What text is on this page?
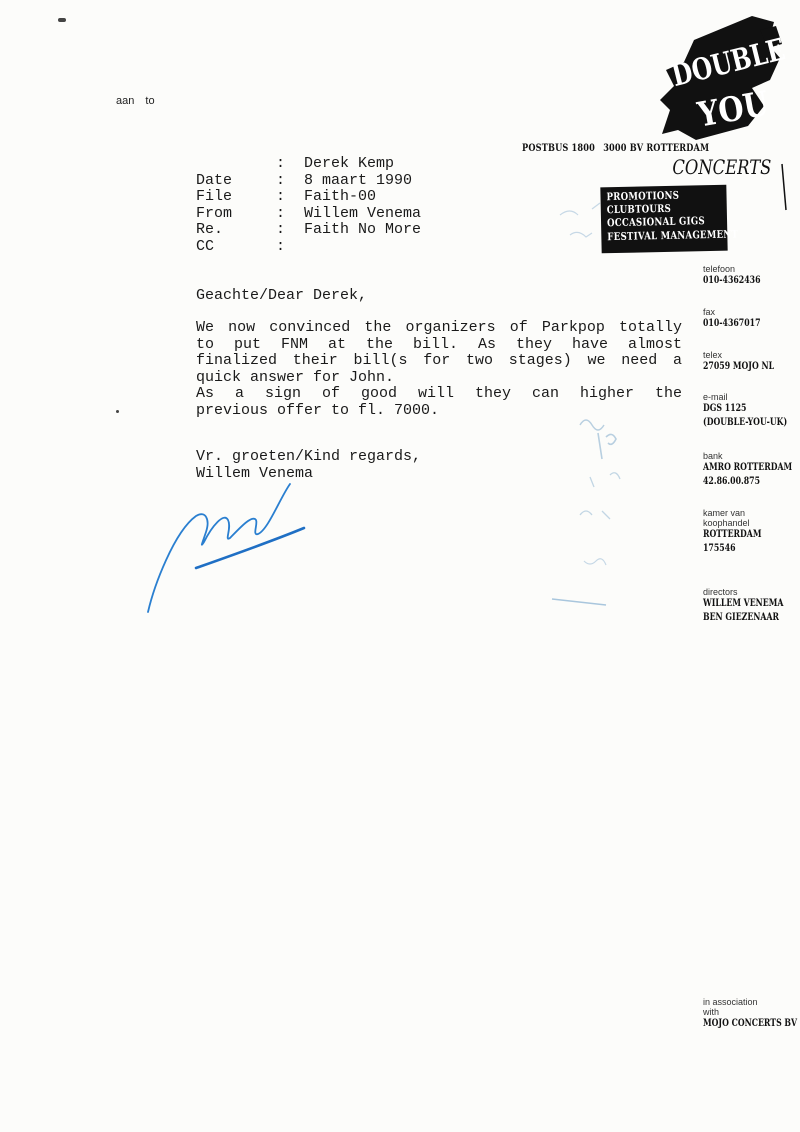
aan to
DOUBLE
YOU
CONCERTS
POSTBUS 1800 3000 BV ROTTERDAM
PROMOTIONS
CLUBTOURS
OCCASIONAL GIGS
FESTIVAL MANAGEMENT
telefoon
010-4362436
fax
010-4367017
telex
27059 MOJO NL
e-mail
DGS 1125
(DOUBLE-YOU-UK)
bank
AMRO ROTTERDAM
42.86.00.875
kamer van
koophandel
ROTTERDAM
175546
directors
WILLEM VENEMA
BEN GIEZENAAR
in association
with
MOJO CONCERTS BV
:	Derek Kemp
Date	:	8 maart 1990
File	:	Faith-00
From	:	Willem Venema
Re.	:	Faith No More
CC	:
Geachte/Dear Derek,
We now convinced the organizers of Parkpop totally
to put FNM at the bill. As they have almost
finalized their bill(s for two stages) we need a
quick answer for John.
As a sign of good will they can higher the
previous offer to fl. 7000.
Vr. groeten/Kind regards,
Willem Venema
